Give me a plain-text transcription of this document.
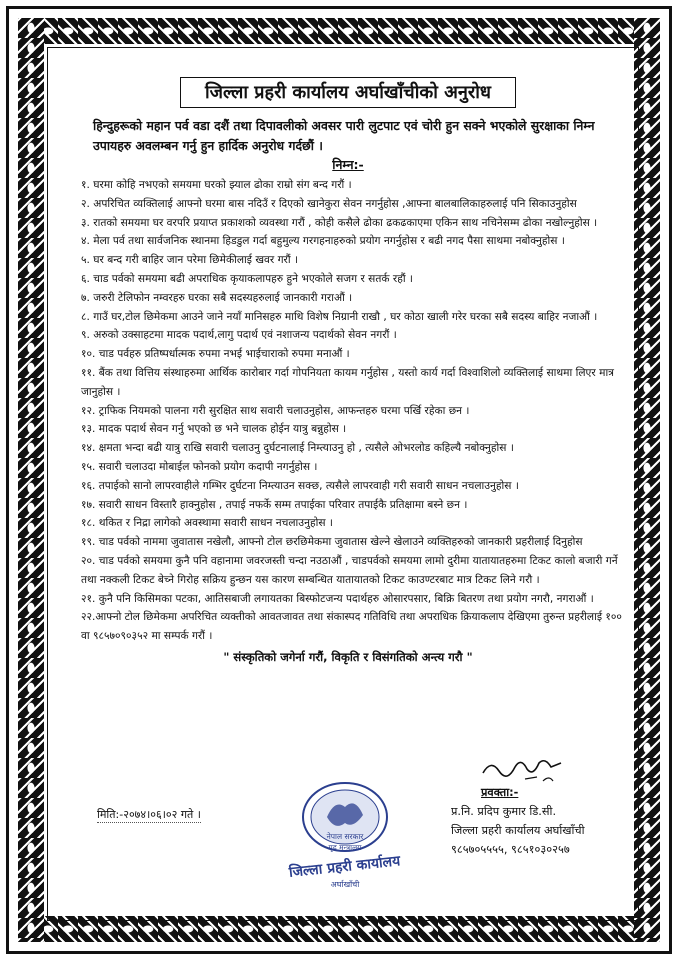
जिल्ला प्रहरी कार्यालय अर्घाखाँचीको अनुरोध
हिन्दुहरूको महान पर्व वडा दशैं तथा दिपावलीको अवसर पारी लुटपाट एवं चोरी हुन सक्ने भएकोले सुरक्षाका निम्न उपायहरु अवलम्बन गर्नु हुन हार्दिक अनुरोध गर्दछौं ।
निम्न:-
१. घरमा कोहि नभएको समयमा घरको झ्याल ढोका राम्रो संग बन्द गरौं ।
२. अपरिचित व्यक्तिलाई आफ्नो घरमा बास नदिउँ र दिएको खानेकुरा सेवन नगर्नुहोस ,आफ्ना बालबालिकाहरुलाई पनि सिकाउनुहोस
३. रातको समयमा घर वरपरि प्रयाप्त प्रकाशको व्यवस्था गरौं , कोही कसैले ढोका ढकढकाएमा एकिन साथ नचिनेसम्म ढोका नखोल्नुहोस ।
४. मेला पर्व तथा सार्वजनिक स्थानमा हिडडुल गर्दा बहुमुल्य गरगहनाहरुको प्रयोग नगर्नुहोस र बढी नगद पैसा साथमा नबोक्नुहोस ।
५. घर बन्द गरी बाहिर जान परेमा छिमेकीलाई खवर गरौं ।
६. चाड पर्वको समयमा बढी अपराधिक कृयाकलापहरु हुने भएकोले सजग र सतर्क रहौं ।
७. जरुरी टेलिफोन नम्वरहरु घरका सबै सदस्यहरुलाई जानकारी गराऔं ।
८. गाउँ घर,टोल छिमेकमा आउने जाने नयाँ मानिसहरु माथि विशेष निग्रानी राखौ , घर कोठा खाली गरेर घरका सबै सदस्य बाहिर नजाऔं ।
९. अरुको उक्साहटमा मादक पदार्थ,लागु पदार्थ एवं नशाजन्य पदार्थको सेवन नगरौं ।
१०. चाड पर्वहरु प्रतिष्पर्धात्मक रुपमा नभई भाईचाराको रुपमा मनाऔं ।
११. बैंक तथा वित्तिय संस्थाहरुमा आर्थिक कारोबार गर्दा गोपनियता कायम गर्नुहोस , यस्तो कार्य गर्दा विश्वाशिलो व्यक्तिलाई साथमा लिएर मात्र जानुहोस ।
१२. ट्राफिक नियमको पालना गरी सुरक्षित साथ सवारी चलाउनुहोस, आफन्तहरु घरमा पर्खि रहेका छन ।
१३. मादक पदार्थ सेवन गर्नु भएको छ भने चालक होईन यात्रु बन्नुहोस ।
१४. क्षमता भन्दा बढी यात्रु राखि सवारी चलाउनु दुर्घटनालाई निम्त्याउनु हो , त्यसैले ओभरलोड कहिल्यै नबोक्नुहोस ।
१५. सवारी चलाउदा मोबाईल फोनको प्रयोग कदापी नगर्नुहोस ।
१६. तपाईको सानो लापरवाहीले गम्भिर दुर्घटना निम्त्याउन सक्छ, त्यसैले लापरवाही गरी सवारी साधन नचलाउनुहोस ।
१७. सवारी साधन विस्तारै हाक्नुहोस , तपाई नफर्के सम्म तपाईका परिवार तपाईकै प्रतिक्षामा बस्ने छन ।
१८. थकित र निद्रा लागेको अवस्थामा सवारी साधन नचलाउनुहोस ।
१९. चाड पर्वको नाममा जुवातास नखेलौ, आफ्नो टोल छरछिमेकमा जुवातास खेल्ने खेलाउने व्यक्तिहरुको जानकारी प्रहरीलाई दिनुहोस
२०. चाड पर्वको समयमा कुनै पनि वहानामा जवरजस्ती चन्दा नउठाऔं , चाडपर्वको समयमा लामो दुरीमा यातायातहरुमा टिकट कालो बजारी गर्ने तथा नक्कली टिकट बेच्ने गिरोह सक्रिय हुन्छन यस कारण सम्बन्धित यातायातको टिकट काउण्टरबाट मात्र टिकट लिने गरौ ।
२१. कुनै पनि किसिमका पटका, आतिसबाजी लगायतका बिस्फोटजन्य पदार्थहरु ओसारपसार, बिक्रि बितरण तथा प्रयोग नगरौ, नगराऔं ।
२२.आफ्नो टोल छिमेकमा अपरिचित व्यक्तीको आवतजावत तथा संकास्पद गतिविधि तथा अपराधिक क्रियाकलाप देखिएमा तुरुन्त प्रहरीलाई १०० वा ९८५७०९०३५२ मा सम्पर्क गरौं ।
" संस्कृतिको जगेर्ना गरौं, विकृति र विसंगतिको अन्त्य गरौ "
मिति:-२०७४।०६।०२ गते ।
नेपाल सरकार
गृह मन्त्रालय
जिल्ला प्रहरी कार्यालय
अर्घाखाँची
प्रवक्ता:-
प्र.नि. प्रदिप कुमार डि.सी.
जिल्ला प्रहरी कार्यालय अर्घाखाँची
९८५७०५५५५, ९८५१०३०२५७
